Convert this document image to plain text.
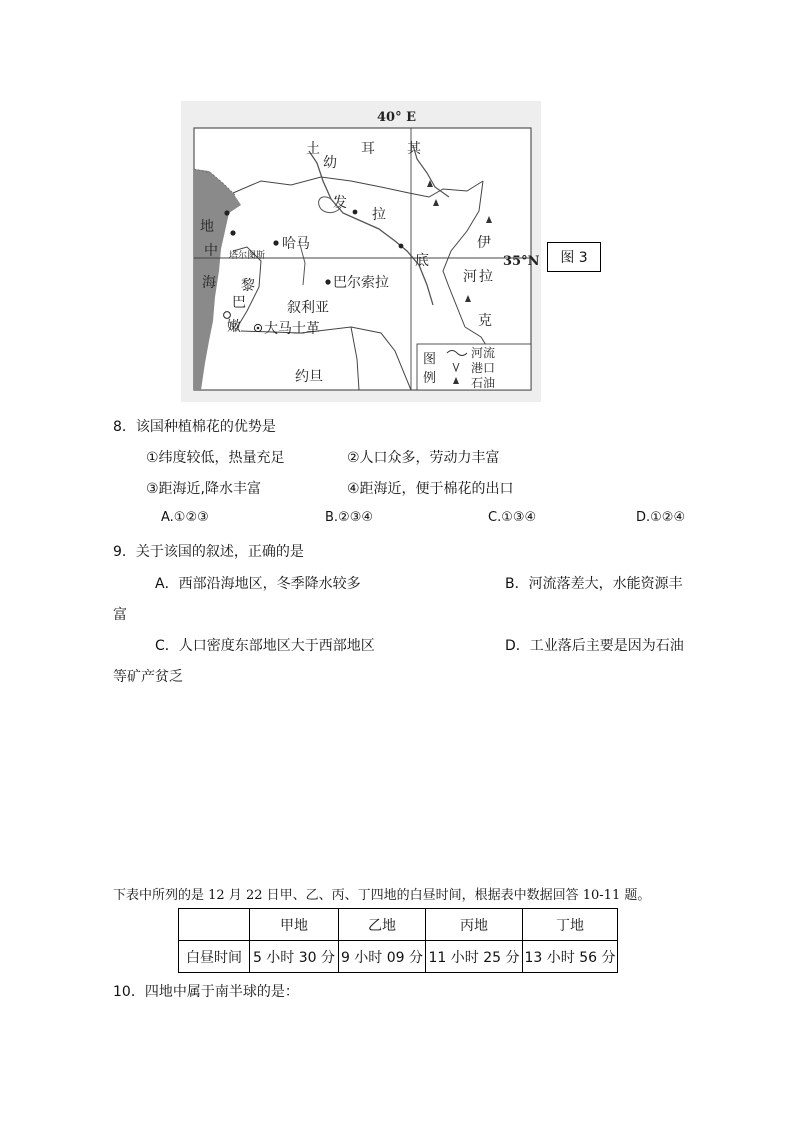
40° E
35°N
土	耳 其
幼
发
拉
底
地
中
海 黎
巴
嫩
伊
河 拉
克
哈马
巴尔索拉
叙利亚
大马士革
约旦
塔尔图斯
图
例
河流
港口
石油
图 3
8．该国种植棉花的优势是
①纬度较低，热量充足	②人口众多，劳动力丰富
③距海近,降水丰富	④距海近，便于棉花的出口
A.①②③	B.②③④	C.①③④	D.①②④
9．关于该国的叙述，正确的是
A．西部沿海地区，冬季降水较多	B．河流落差大，水能资源丰
富
C．人口密度东部地区大于西部地区	D．工业落后主要是因为石油
等矿产贫乏
下表中所列的是 12 月 22 日甲、乙、丙、丁四地的白昼时间，根据表中数据回答 10-11 题。
	甲地	乙地	丙地	丁地
白昼时间	5 小时 30 分	9 小时 09 分	11 小时 25 分	13 小时 56 分
10．四地中属于南半球的是：
